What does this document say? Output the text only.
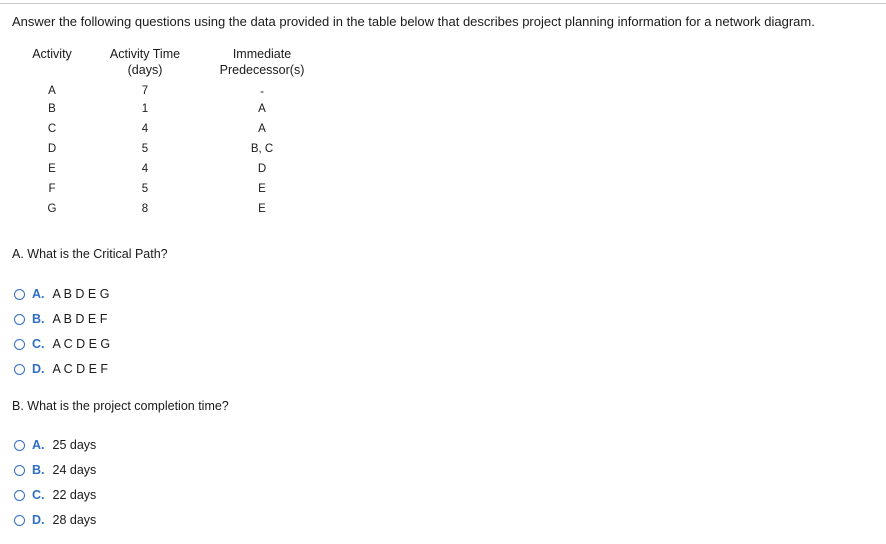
Answer the following questions using the data provided in the table below that describes project planning information for a network diagram.
Activity	Activity Time
(days)
Immediate
Predecessor(s)
A	7	-
B	1	A
C	4	A
D	5	B, C
E	4	D
F	5	E
G	8	E
A. What is the Critical Path?
A. A B D E G
B. A B D E F
C. A C D E G
D. A C D E F
B. What is the project completion time?
A. 25 days
B. 24 days
C. 22 days
D. 28 days
